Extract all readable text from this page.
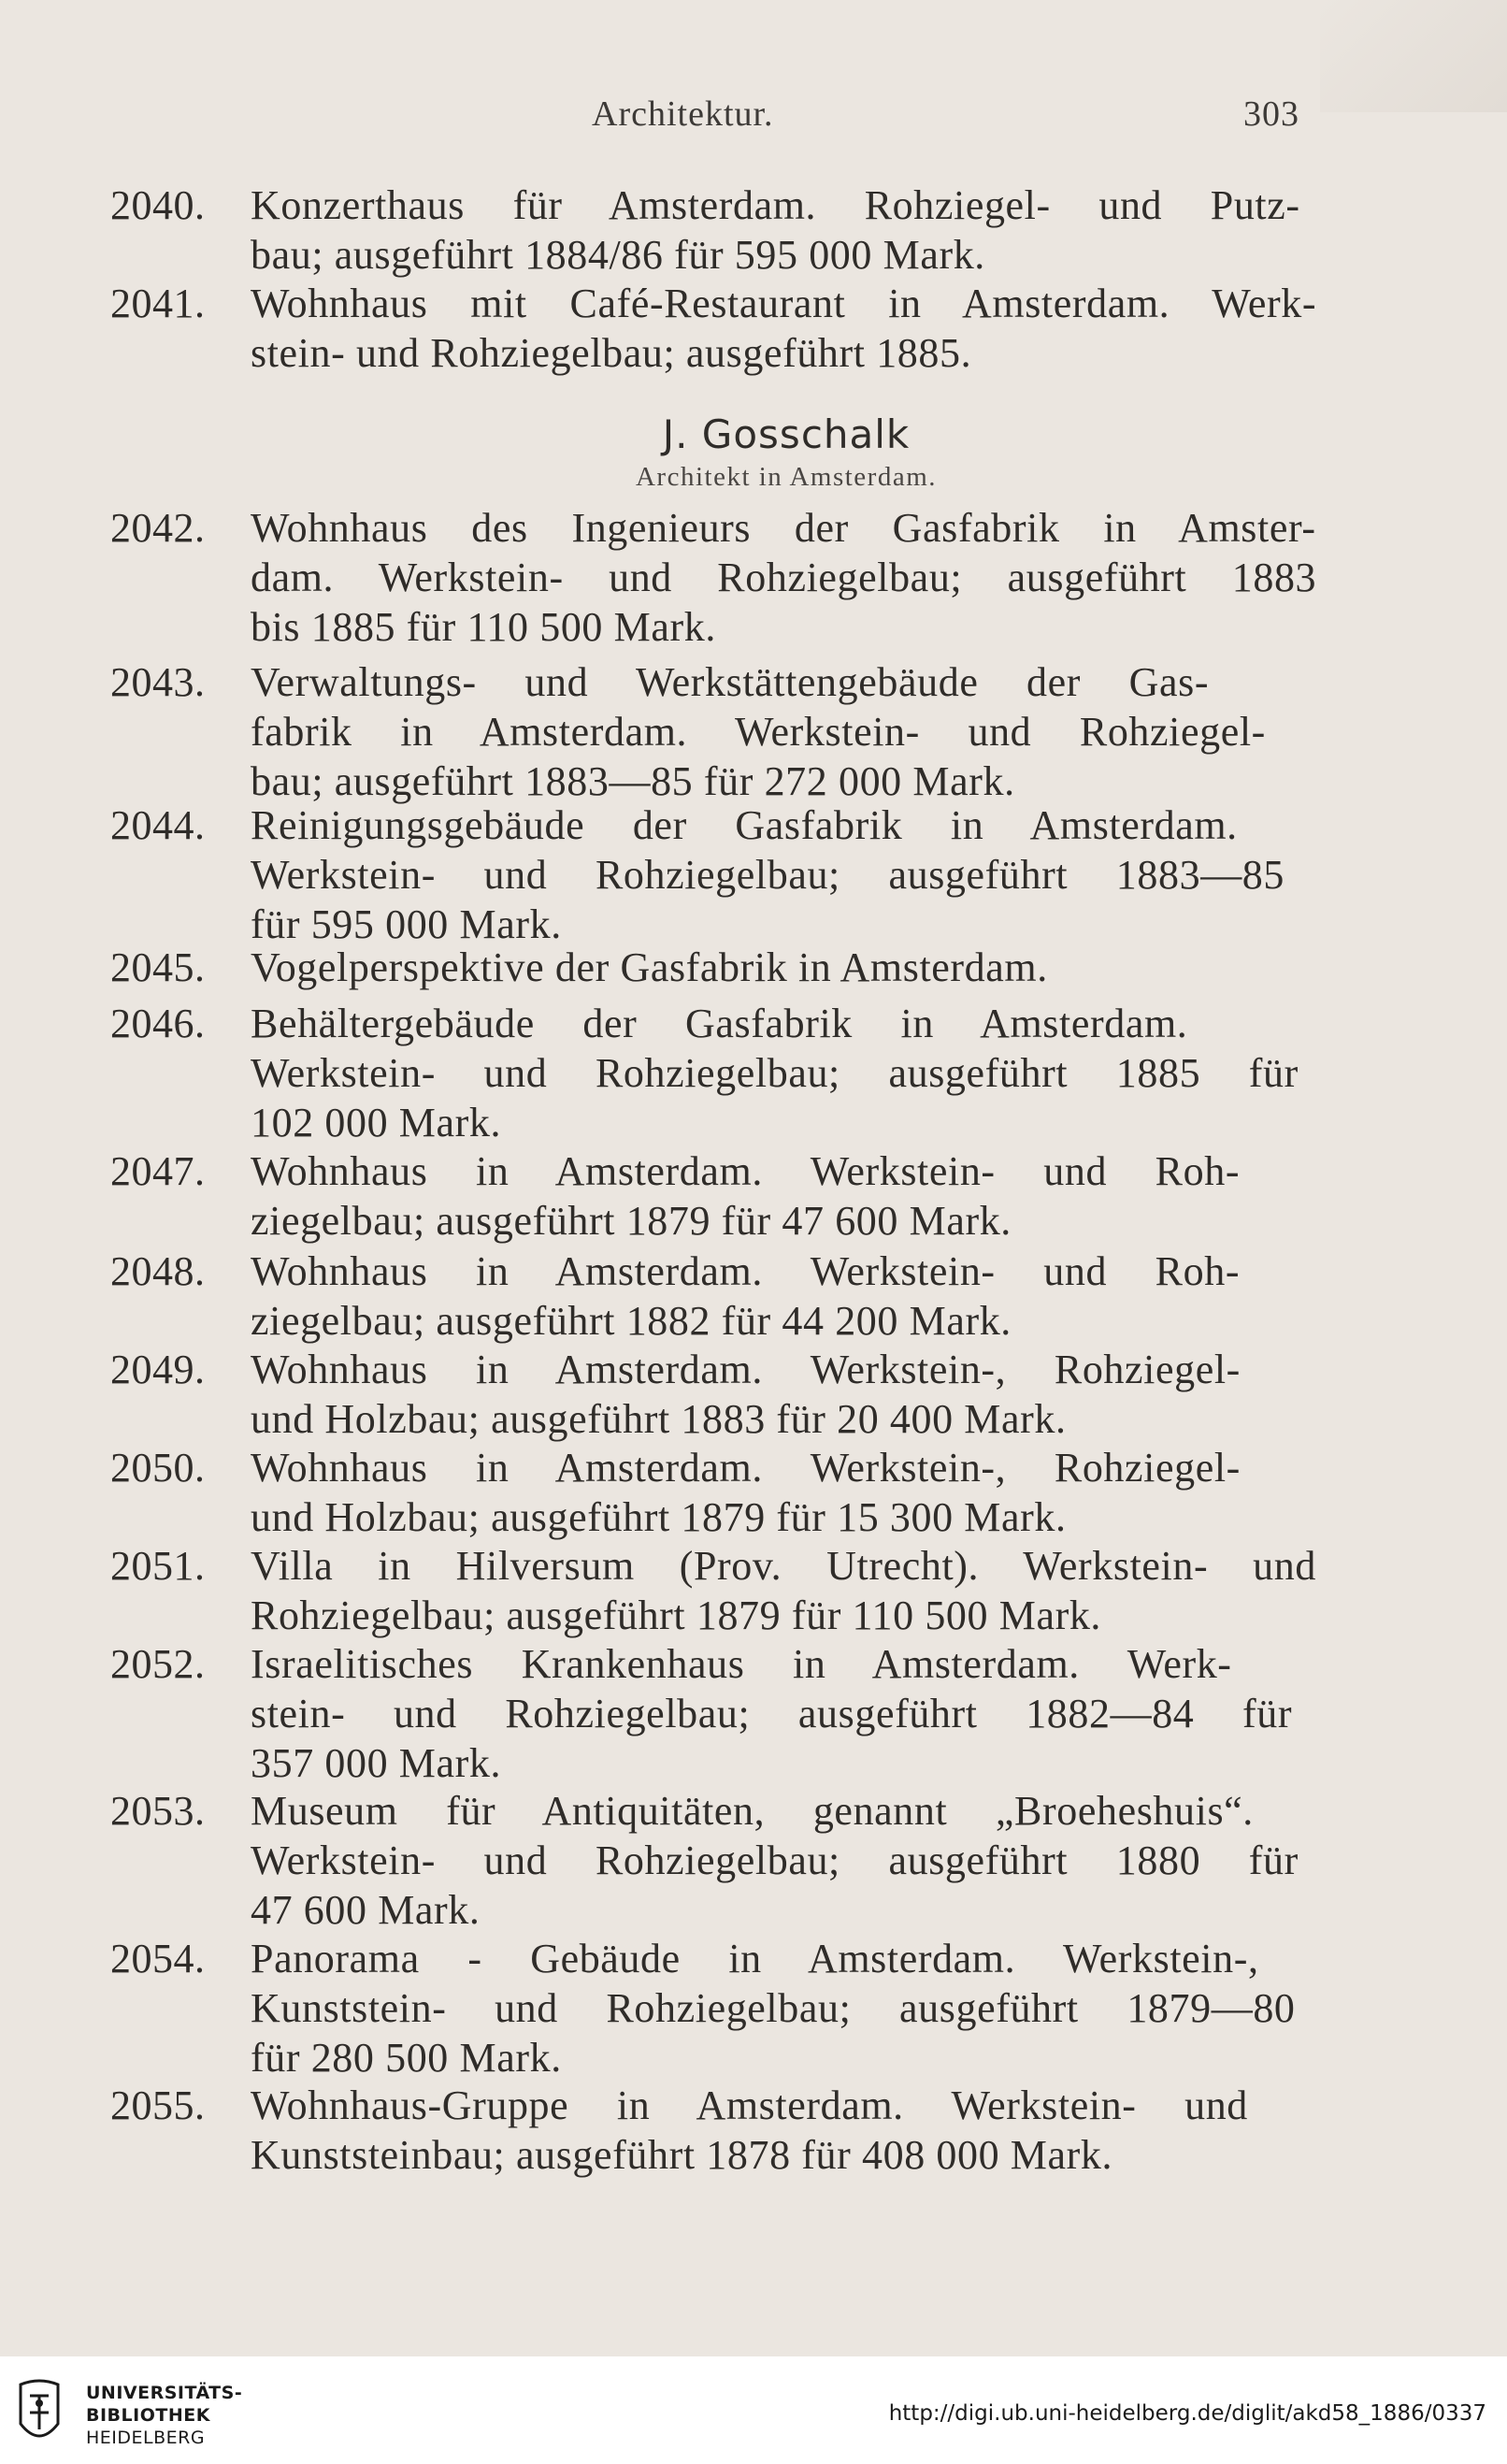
Architektur.	303
J. Gosschalk
Architekt in Amsterdam.
2040.	Konzerthaus für Amsterdam. Rohziegel- und Putz-
bau; ausgeführt 1884/86 für 595 000 Mark.
2041.	Wohnhaus mit Café-Restaurant in Amsterdam. Werk-
stein- und Rohziegelbau; ausgeführt 1885.
2042.	Wohnhaus des Ingenieurs der Gasfabrik in Amster-
dam. Werkstein- und Rohziegelbau; ausgeführt 1883
bis 1885 für 110 500 Mark.
2043.	Verwaltungs- und Werkstättengebäude der Gas-
fabrik in Amsterdam. Werkstein- und Rohziegel-
bau; ausgeführt 1883—85 für 272 000 Mark.
2044.	Reinigungsgebäude der Gasfabrik in Amsterdam.
Werkstein- und Rohziegelbau; ausgeführt 1883—85
für 595 000 Mark.
2045.	Vogelperspektive der Gasfabrik in Amsterdam.
2046.	Behältergebäude der Gasfabrik in Amsterdam.
Werkstein- und Rohziegelbau; ausgeführt 1885 für
102 000 Mark.
2047.	Wohnhaus in Amsterdam. Werkstein- und Roh-
ziegelbau; ausgeführt 1879 für 47 600 Mark.
2048.	Wohnhaus in Amsterdam. Werkstein- und Roh-
ziegelbau; ausgeführt 1882 für 44 200 Mark.
2049.	Wohnhaus in Amsterdam. Werkstein-, Rohziegel-
und Holzbau; ausgeführt 1883 für 20 400 Mark.
2050.	Wohnhaus in Amsterdam. Werkstein-, Rohziegel-
und Holzbau; ausgeführt 1879 für 15 300 Mark.
2051.	Villa in Hilversum (Prov. Utrecht). Werkstein- und
Rohziegelbau; ausgeführt 1879 für 110 500 Mark.
2052.	Israelitisches Krankenhaus in Amsterdam. Werk-
stein- und Rohziegelbau; ausgeführt 1882—84 für
357 000 Mark.
2053.	Museum für Antiquitäten, genannt „Broeheshuis“.
Werkstein- und Rohziegelbau; ausgeführt 1880 für
47 600 Mark.
2054.	Panorama - Gebäude in Amsterdam. Werkstein-,
Kunststein- und Rohziegelbau; ausgeführt 1879—80
für 280 500 Mark.
2055.	Wohnhaus-Gruppe in Amsterdam. Werkstein- und
Kunststeinbau; ausgeführt 1878 für 408 000 Mark.
UNIVERSITÄTS-
BIBLIOTHEK
HEIDELBERG
http://digi.ub.uni-heidelberg.de/diglit/akd58_1886/0337
